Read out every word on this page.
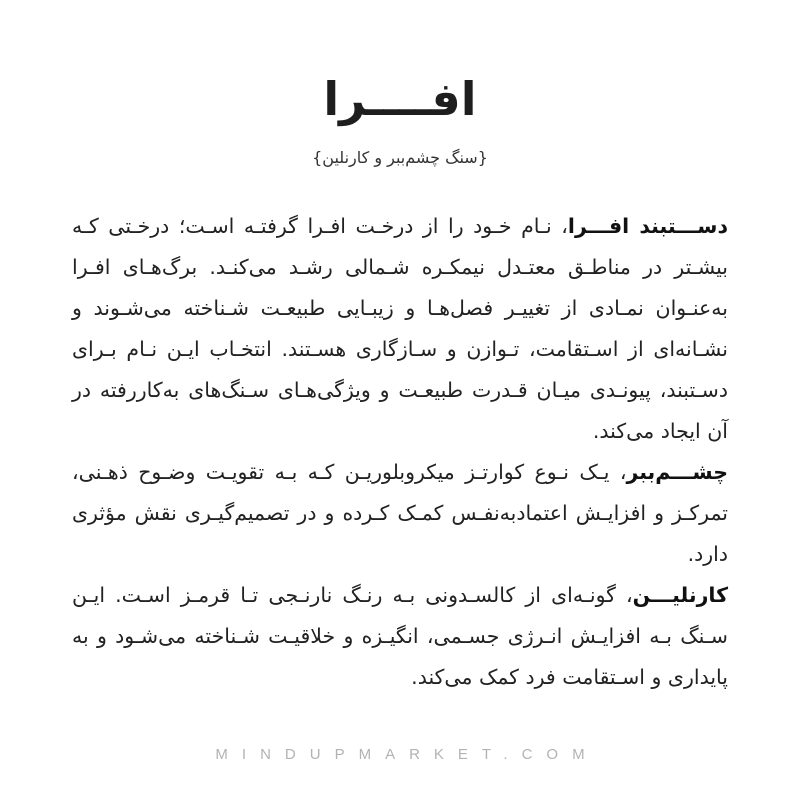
افــــرا
{سنگ چشم‌ببر و کارنلین}

دســـتبند افـــرا، نـام خـود را از درخـت افـرا گرفتـه اسـت؛ درخـتی کـه بیشـتر در مناطـق معتـدل نیمکـره شـمالی رشـد می‌کنـد. برگ‌هـای افـرا به‌عنـوان نمـادی از تغییـر فصل‌هـا و زیبـایی طبیعـت شـناخته می‌شـوند و نشـانه‌ای از اسـتقامت، تـوازن و سـازگاری هسـتند. انتخـاب ایـن نـام بـرای دسـتبند، پیونـدی میـان قـدرت طبیعـت و ویژگی‌هـای سـنگ‌های به‌کاررفته در آن ایجاد می‌کند.

چشـــم‌ببر، یـک نـوع کوارتـز میکروبلوریـن کـه بـه تقویـت وضـوح ذهـنی، تمرکـز و افزایـش اعتمادبه‌نفـس کمـک کـرده و در تصمیم‌گیـری نقش مؤثری دارد.

کارنلیـــن، گونـه‌ای از کالسـدونی بـه رنـگ نارنـجی تـا قرمـز اسـت. ایـن سـنگ بـه افزایـش انـرژی جسـمی، انگیـزه و خلاقیـت شـناخته می‌شـود و به پایداری و اسـتقامت فرد کمک می‌کند.

MINDUPMARKET.COM
